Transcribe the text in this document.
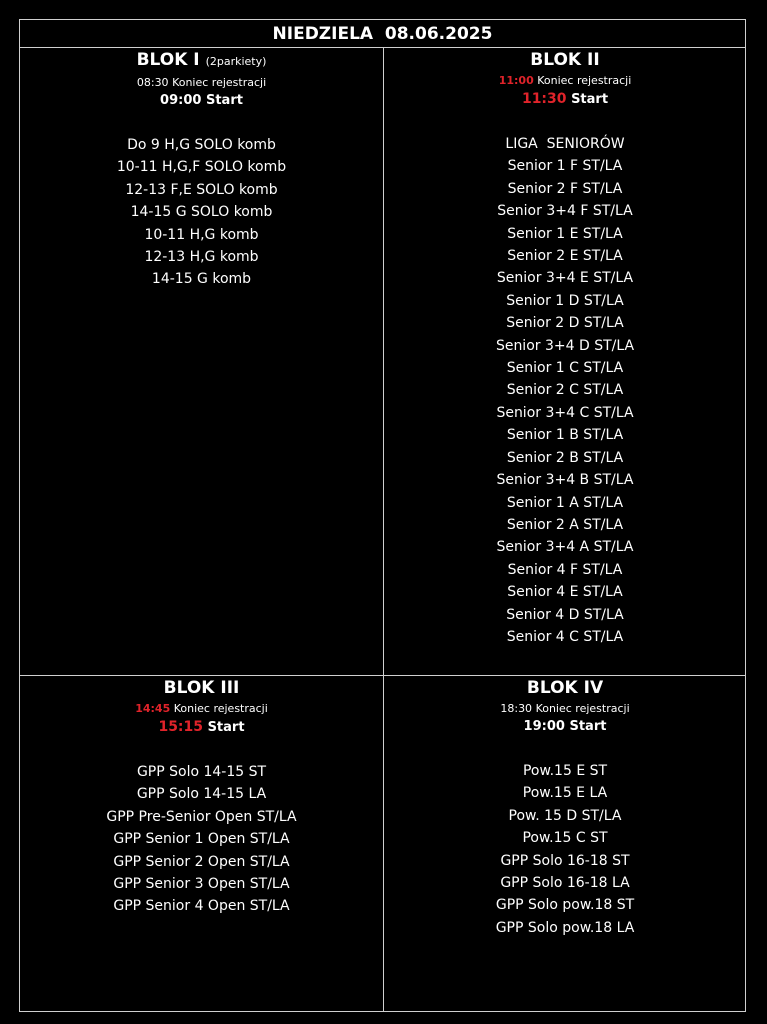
NIEDZIELA  08.06.2025
BLOK I (2parkiety)
08:30 Koniec rejestracji
09:00 Start
Do 9 H,G SOLO komb
10-11 H,G,F SOLO komb
12-13 F,E SOLO komb
14-15 G SOLO komb
10-11 H,G komb
12-13 H,G komb
14-15 G komb
BLOK II
11:00 Koniec rejestracji
11:30 Start
LIGA  SENIORÓW
Senior 1 F ST/LA
Senior 2 F ST/LA
Senior 3+4 F ST/LA
Senior 1 E ST/LA
Senior 2 E ST/LA
Senior 3+4 E ST/LA
Senior 1 D ST/LA
Senior 2 D ST/LA
Senior 3+4 D ST/LA
Senior 1 C ST/LA
Senior 2 C ST/LA
Senior 3+4 C ST/LA
Senior 1 B ST/LA
Senior 2 B ST/LA
Senior 3+4 B ST/LA
Senior 1 A ST/LA
Senior 2 A ST/LA
Senior 3+4 A ST/LA
Senior 4 F ST/LA
Senior 4 E ST/LA
Senior 4 D ST/LA
Senior 4 C ST/LA
BLOK III
14:45 Koniec rejestracji
15:15 Start
GPP Solo 14-15 ST
GPP Solo 14-15 LA
GPP Pre-Senior Open ST/LA
GPP Senior 1 Open ST/LA
GPP Senior 2 Open ST/LA
GPP Senior 3 Open ST/LA
GPP Senior 4 Open ST/LA
BLOK IV
18:30 Koniec rejestracji
19:00 Start
Pow.15 E ST
Pow.15 E LA
Pow. 15 D ST/LA
Pow.15 C ST
GPP Solo 16-18 ST
GPP Solo 16-18 LA
GPP Solo pow.18 ST
GPP Solo pow.18 LA
